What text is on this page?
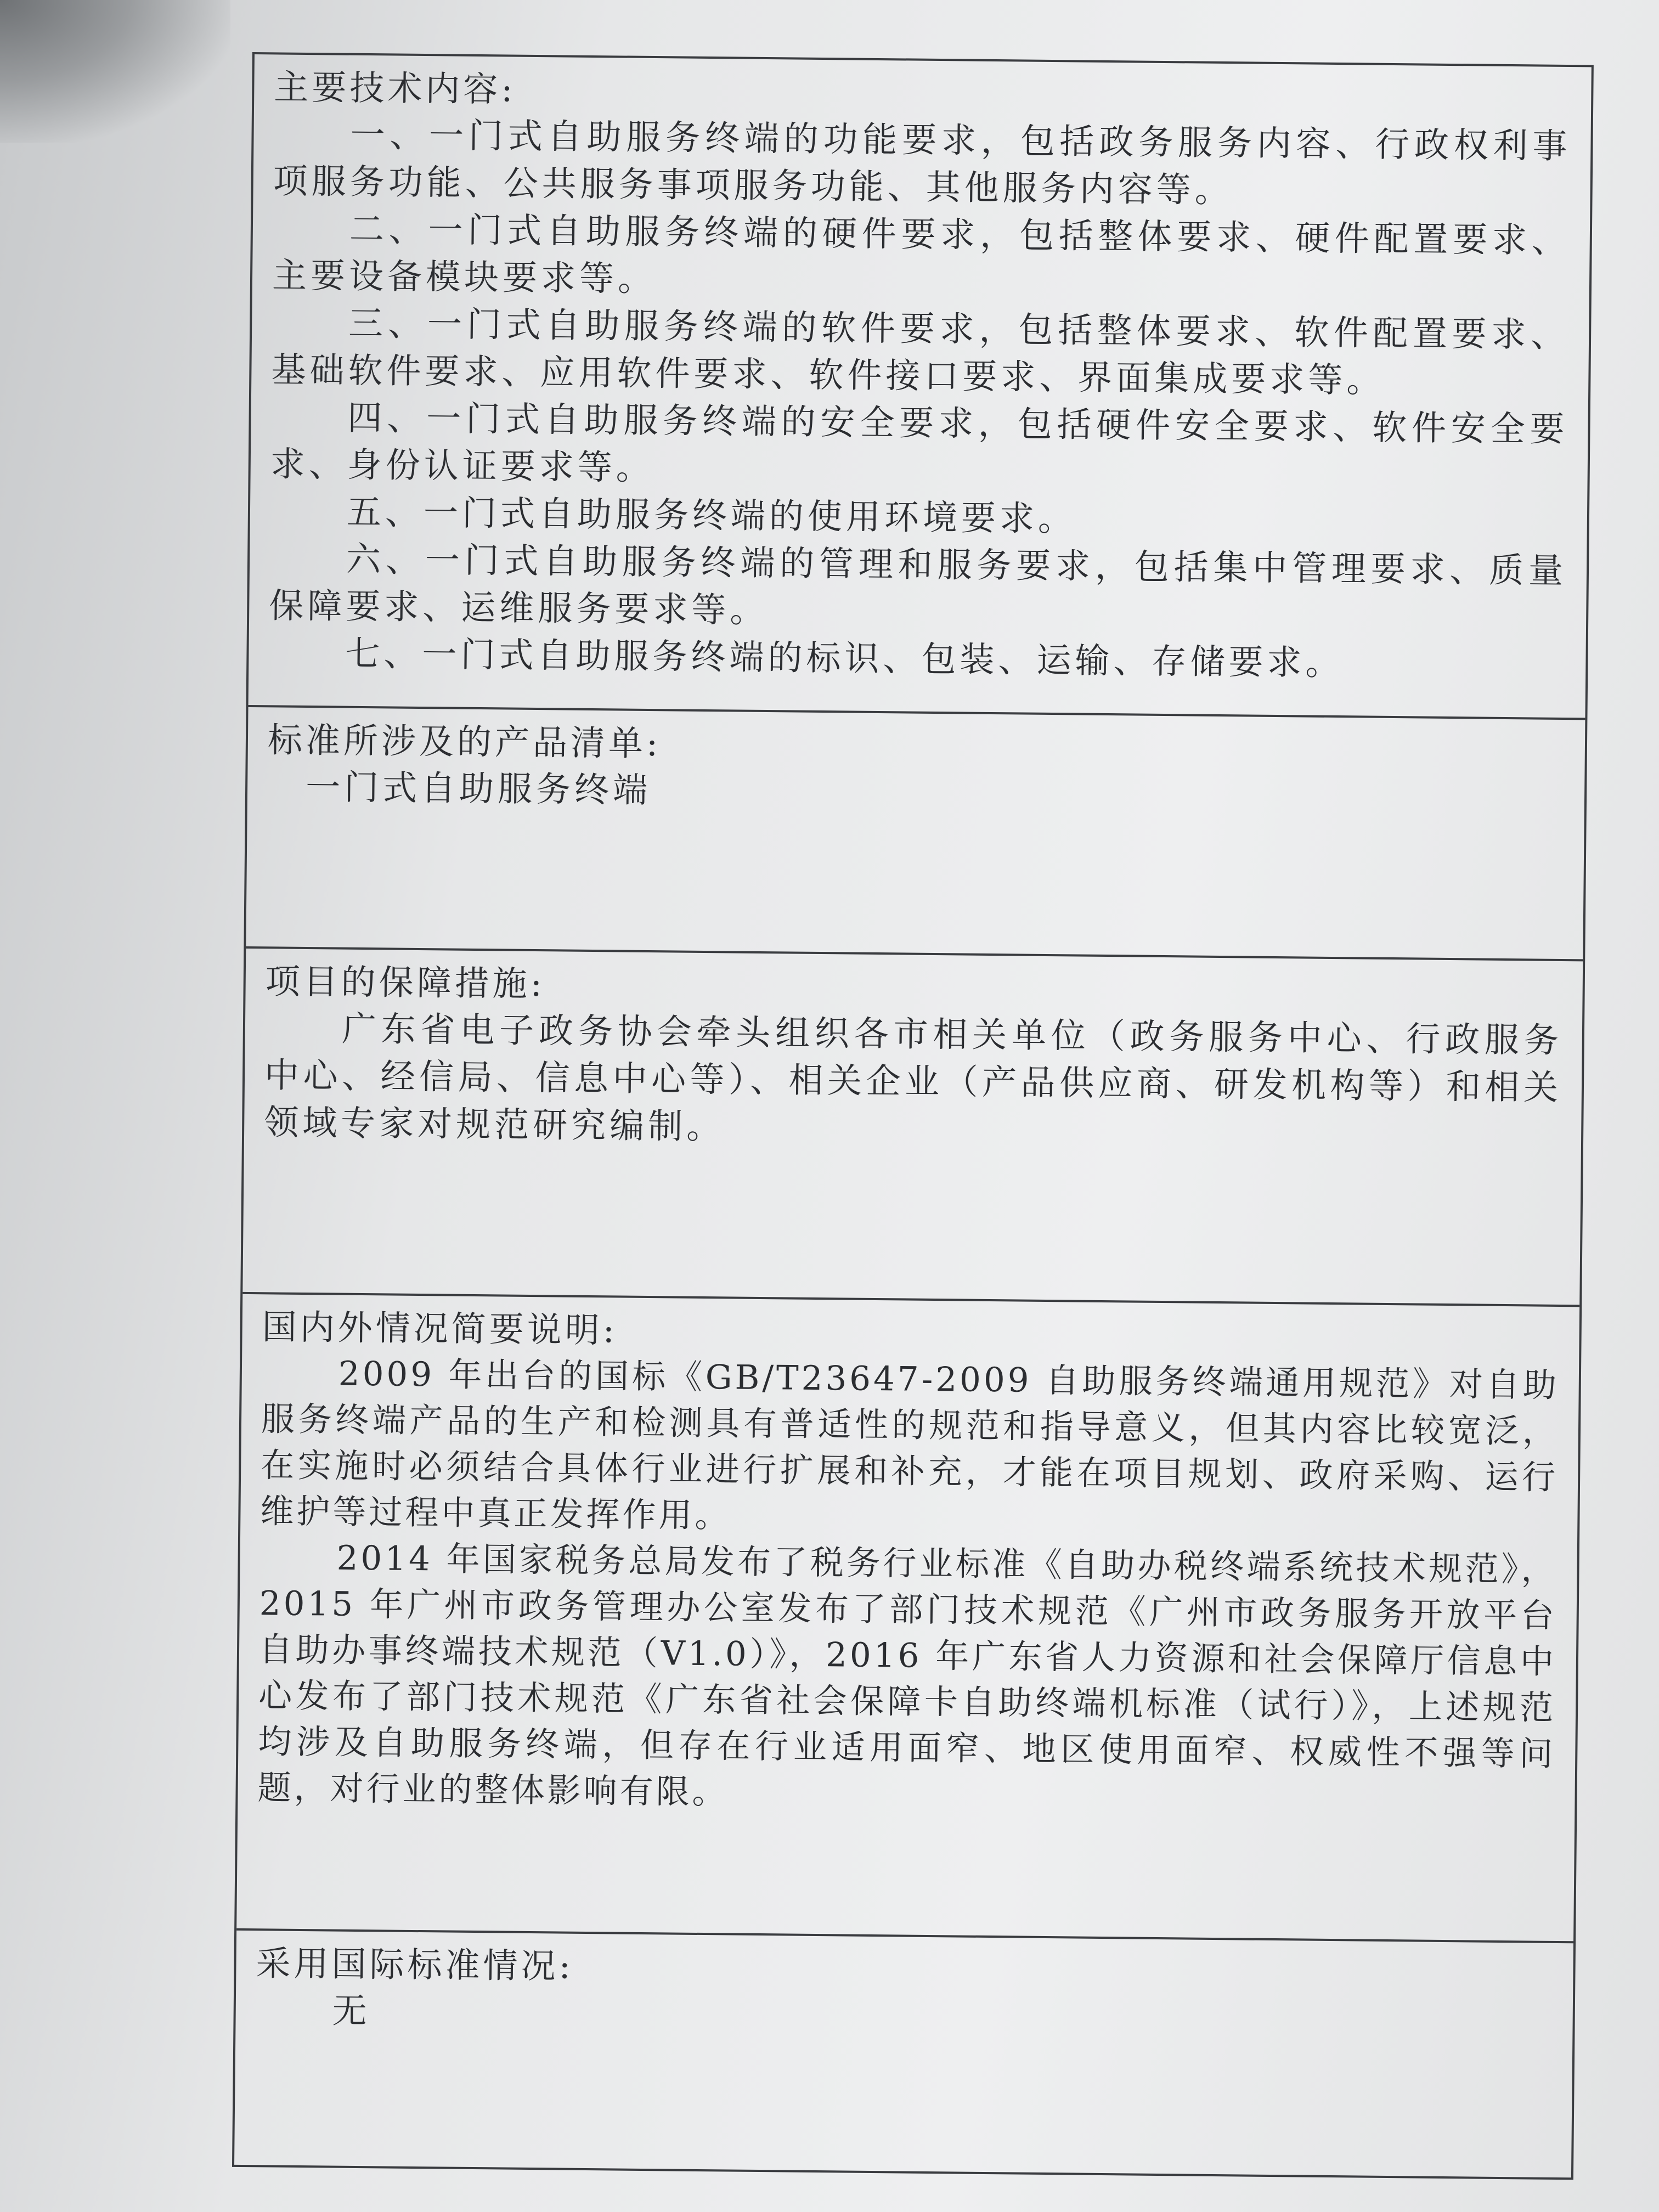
主要技术内容:

一、一门式自助服务终端的功能要求，包括政务服务内容、行政权利事项服务功能、公共服务事项服务功能、其他服务内容等。

二、一门式自助服务终端的硬件要求，包括整体要求、硬件配置要求、主要设备模块要求等。

三、一门式自助服务终端的软件要求，包括整体要求、软件配置要求、基础软件要求、应用软件要求、软件接口要求、界面集成要求等。

四、一门式自助服务终端的安全要求，包括硬件安全要求、软件安全要求、身份认证要求等。

五、一门式自助服务终端的使用环境要求。

六、一门式自助服务终端的管理和服务要求，包括集中管理要求、质量保障要求、运维服务要求等。

七、一门式自助服务终端的标识、包装、运输、存储要求。

标准所涉及的产品清单:

一门式自助服务终端

项目的保障措施:

广东省电子政务协会牵头组织各市相关单位（政务服务中心、行政服务中心、经信局、信息中心等）、相关企业（产品供应商、研发机构等）和相关领域专家对规范研究编制。

国内外情况简要说明:

2009 年出台的国标《GB/T23647-2009 自助服务终端通用规范》对自助服务终端产品的生产和检测具有普适性的规范和指导意义，但其内容比较宽泛，在实施时必须结合具体行业进行扩展和补充，才能在项目规划、政府采购、运行维护等过程中真正发挥作用。

2014 年国家税务总局发布了税务行业标准《自助办税终端系统技术规范》，2015 年广州市政务管理办公室发布了部门技术规范《广州市政务服务开放平台自助办事终端技术规范（V1.0）》，2016 年广东省人力资源和社会保障厅信息中心发布了部门技术规范《广东省社会保障卡自助终端机标准（试行）》，上述规范均涉及自助服务终端，但存在行业适用面窄、地区使用面窄、权威性不强等问题，对行业的整体影响有限。

采用国际标准情况:

无
